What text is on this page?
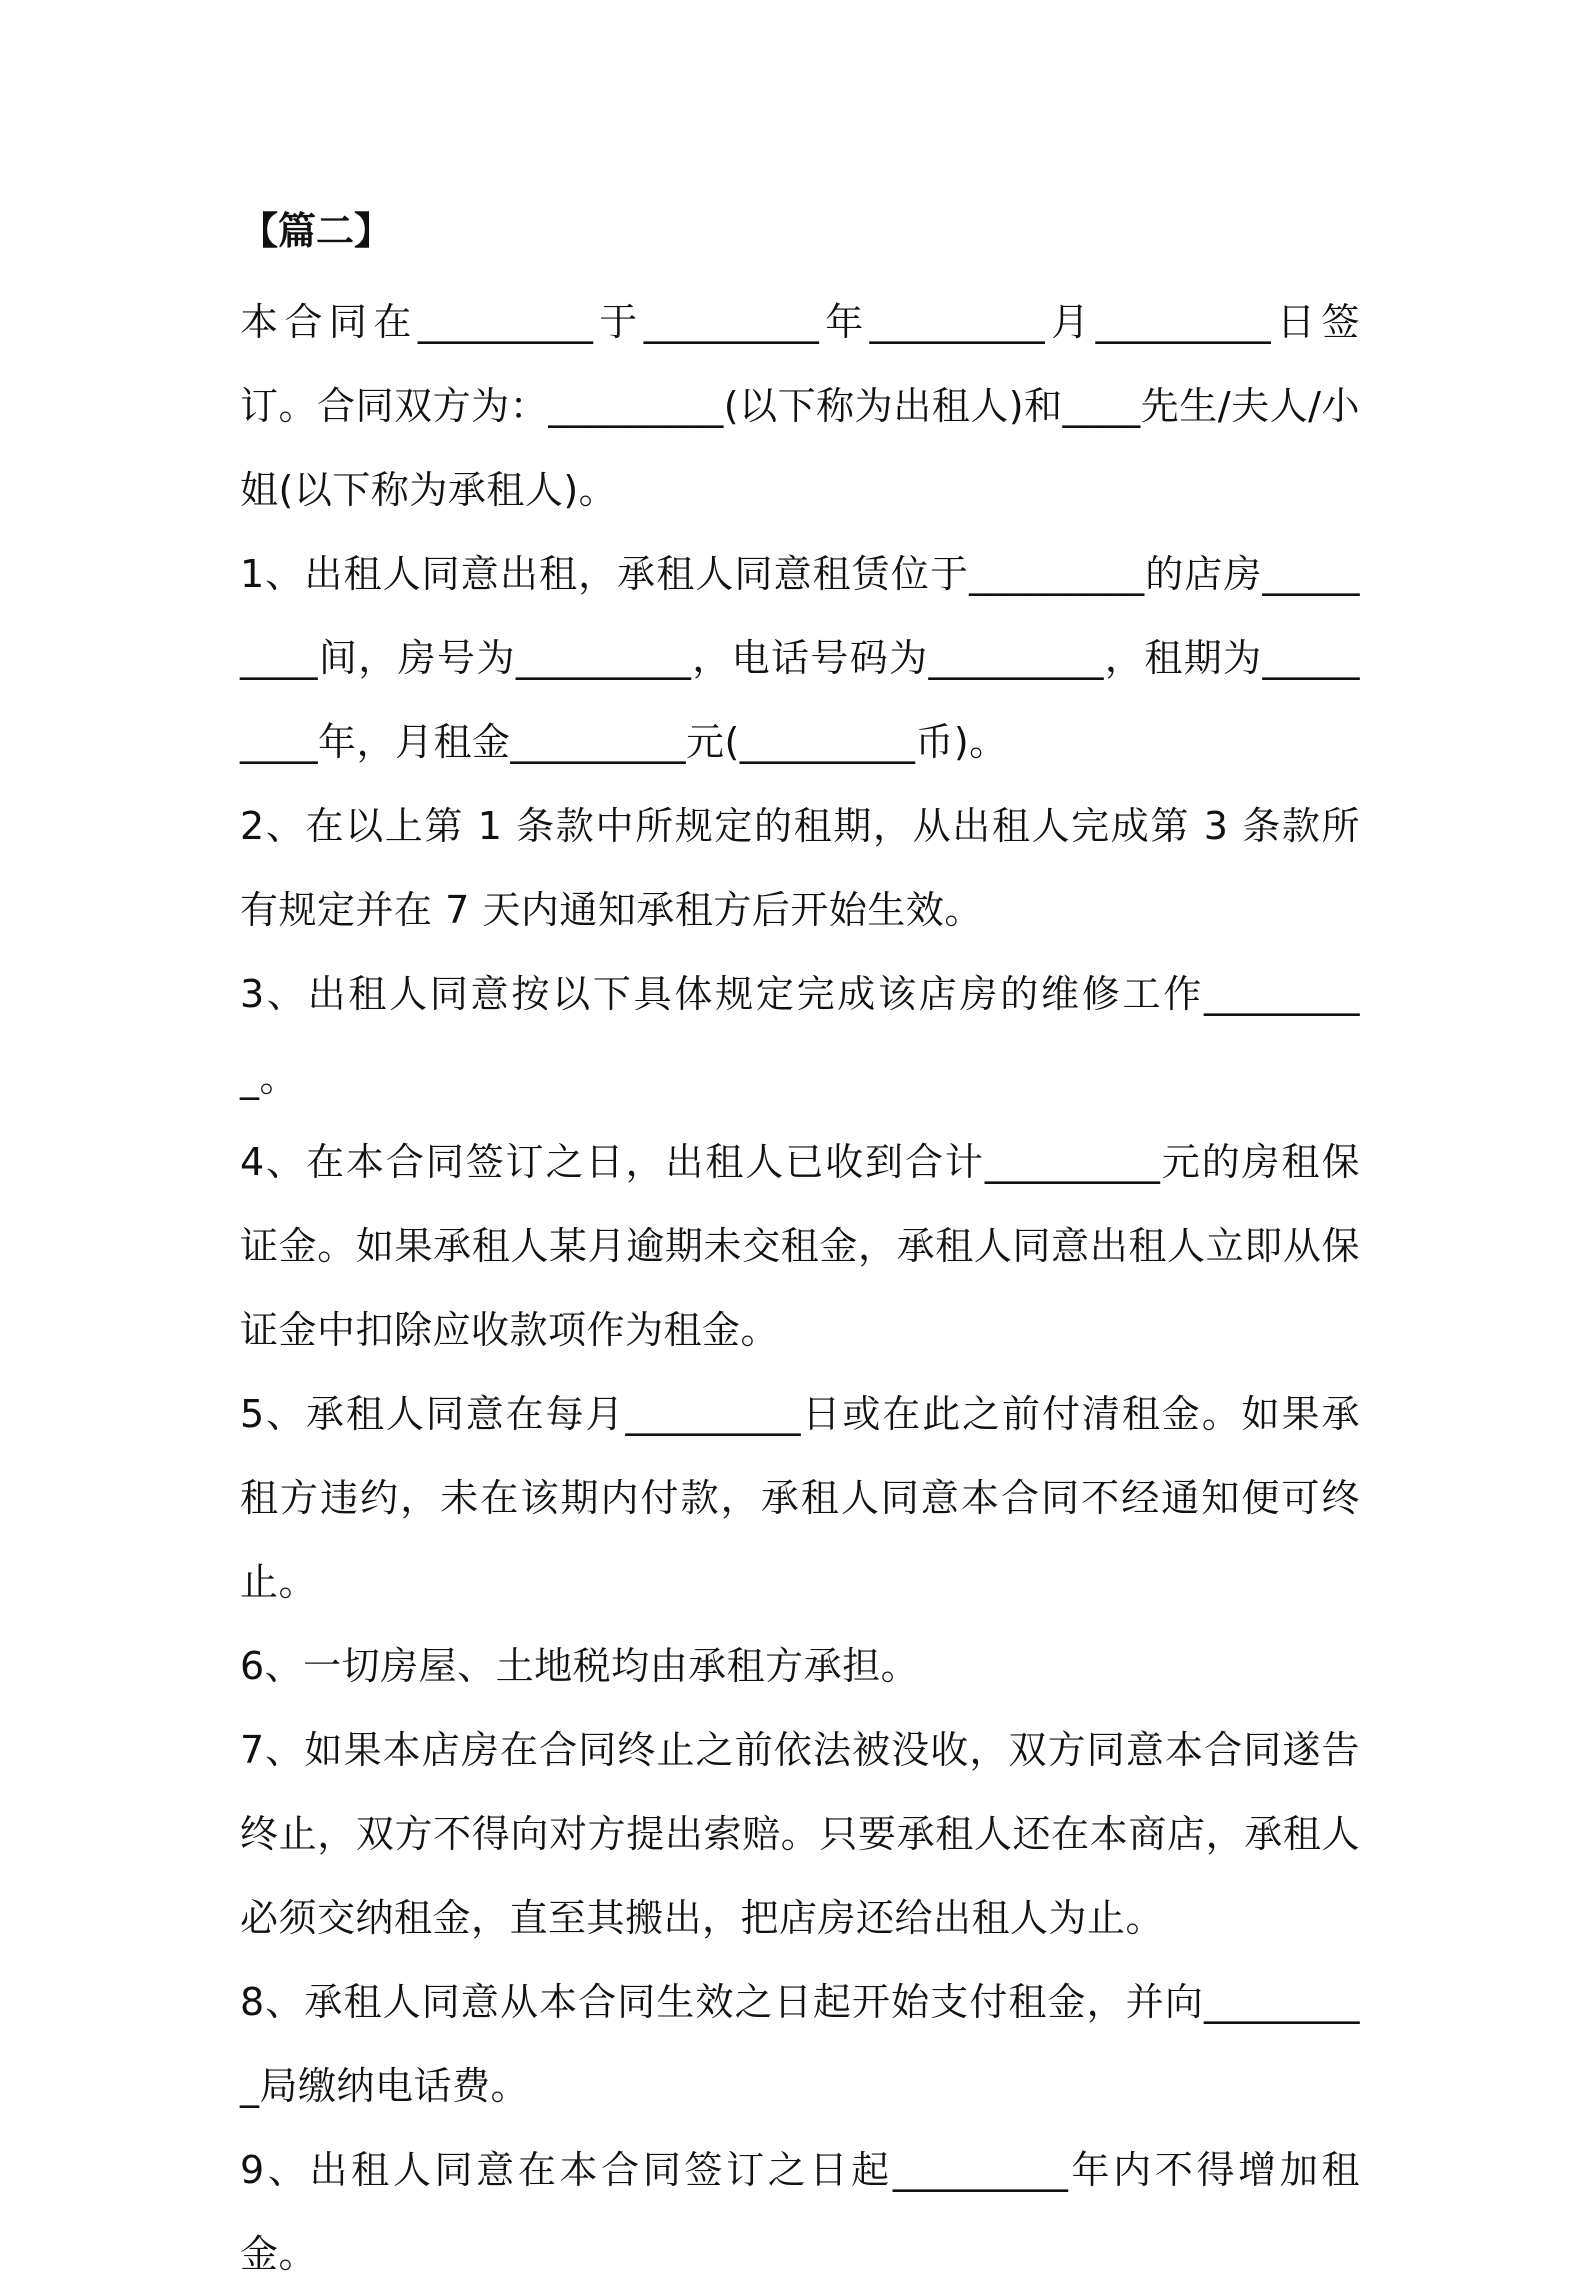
【篇二】

本合同在_________于_________年_________月_________日签订。合同双方为：_________(以下称为出租人)和____先生/夫人/小姐(以下称为承租人)。

1、出租人同意出租，承租人同意租赁位于_________的店房_________间，房号为_________，电话号码为_________，租期为_________年，月租金_________元(_________币)。

2、在以上第 1 条款中所规定的租期，从出租人完成第 3 条款所有规定并在 7 天内通知承租方后开始生效。

3、出租人同意按以下具体规定完成该店房的维修工作_________。

4、在本合同签订之日，出租人已收到合计_________元的房租保证金。如果承租人某月逾期未交租金，承租人同意出租人立即从保证金中扣除应收款项作为租金。

5、承租人同意在每月_________日或在此之前付清租金。如果承租方违约，未在该期内付款，承租人同意本合同不经通知便可终止。

6、一切房屋、土地税均由承租方承担。

7、如果本店房在合同终止之前依法被没收，双方同意本合同遂告终止，双方不得向对方提出索赔。只要承租人还在本商店，承租人必须交纳租金，直至其搬出，把店房还给出租人为止。

8、承租人同意从本合同生效之日起开始支付租金，并向_________局缴纳电话费。

9、出租人同意在本合同签订之日起_________年内不得增加租金。
